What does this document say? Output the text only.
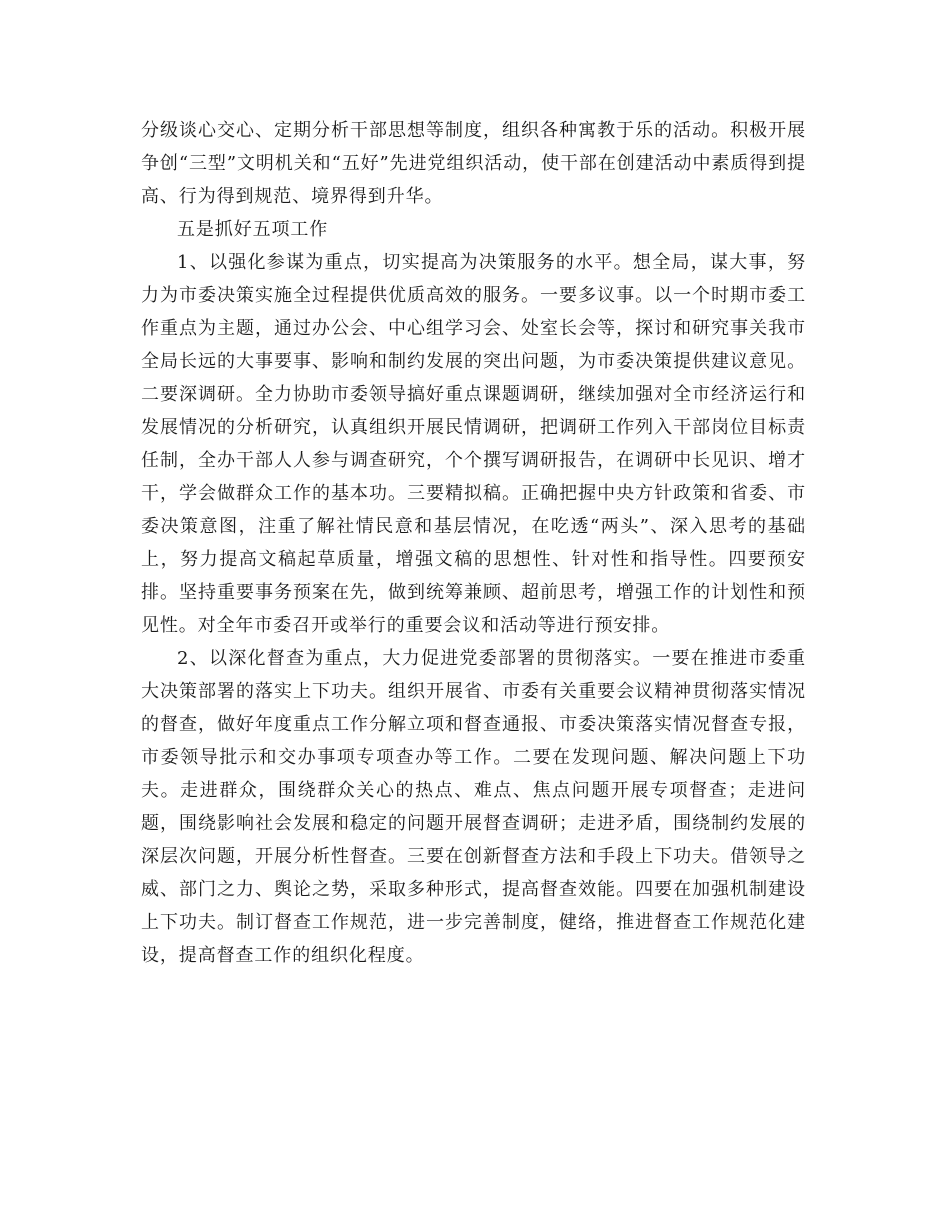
分级谈心交心、定期分析干部思想等制度，组织各种寓教于乐的活动。积极开展争创“三型”文明机关和“五好”先进党组织活动，使干部在创建活动中素质得到提高、行为得到规范、境界得到升华。

五是抓好五项工作

1、以强化参谋为重点，切实提高为决策服务的水平。想全局，谋大事，努力为市委决策实施全过程提供优质高效的服务。一要多议事。以一个时期市委工作重点为主题，通过办公会、中心组学习会、处室长会等，探讨和研究事关我市全局长远的大事要事、影响和制约发展的突出问题，为市委决策提供建议意见。二要深调研。全力协助市委领导搞好重点课题调研，继续加强对全市经济运行和发展情况的分析研究，认真组织开展民情调研，把调研工作列入干部岗位目标责任制，全办干部人人参与调查研究，个个撰写调研报告，在调研中长见识、增才干，学会做群众工作的基本功。三要精拟稿。正确把握中央方针政策和省委、市委决策意图，注重了解社情民意和基层情况，在吃透“两头”、深入思考的基础上，努力提高文稿起草质量，增强文稿的思想性、针对性和指导性。四要预安排。坚持重要事务预案在先，做到统筹兼顾、超前思考，增强工作的计划性和预见性。对全年市委召开或举行的重要会议和活动等进行预安排。

2、以深化督查为重点，大力促进党委部署的贯彻落实。一要在推进市委重大决策部署的落实上下功夫。组织开展省、市委有关重要会议精神贯彻落实情况的督查，做好年度重点工作分解立项和督查通报、市委决策落实情况督查专报，市委领导批示和交办事项专项查办等工作。二要在发现问题、解决问题上下功夫。走进群众，围绕群众关心的热点、难点、焦点问题开展专项督查；走进问题，围绕影响社会发展和稳定的问题开展督查调研；走进矛盾，围绕制约发展的深层次问题，开展分析性督查。三要在创新督查方法和手段上下功夫。借领导之威、部门之力、舆论之势，采取多种形式，提高督查效能。四要在加强机制建设上下功夫。制订督查工作规范，进一步完善制度，健络，推进督查工作规范化建设，提高督查工作的组织化程度。
